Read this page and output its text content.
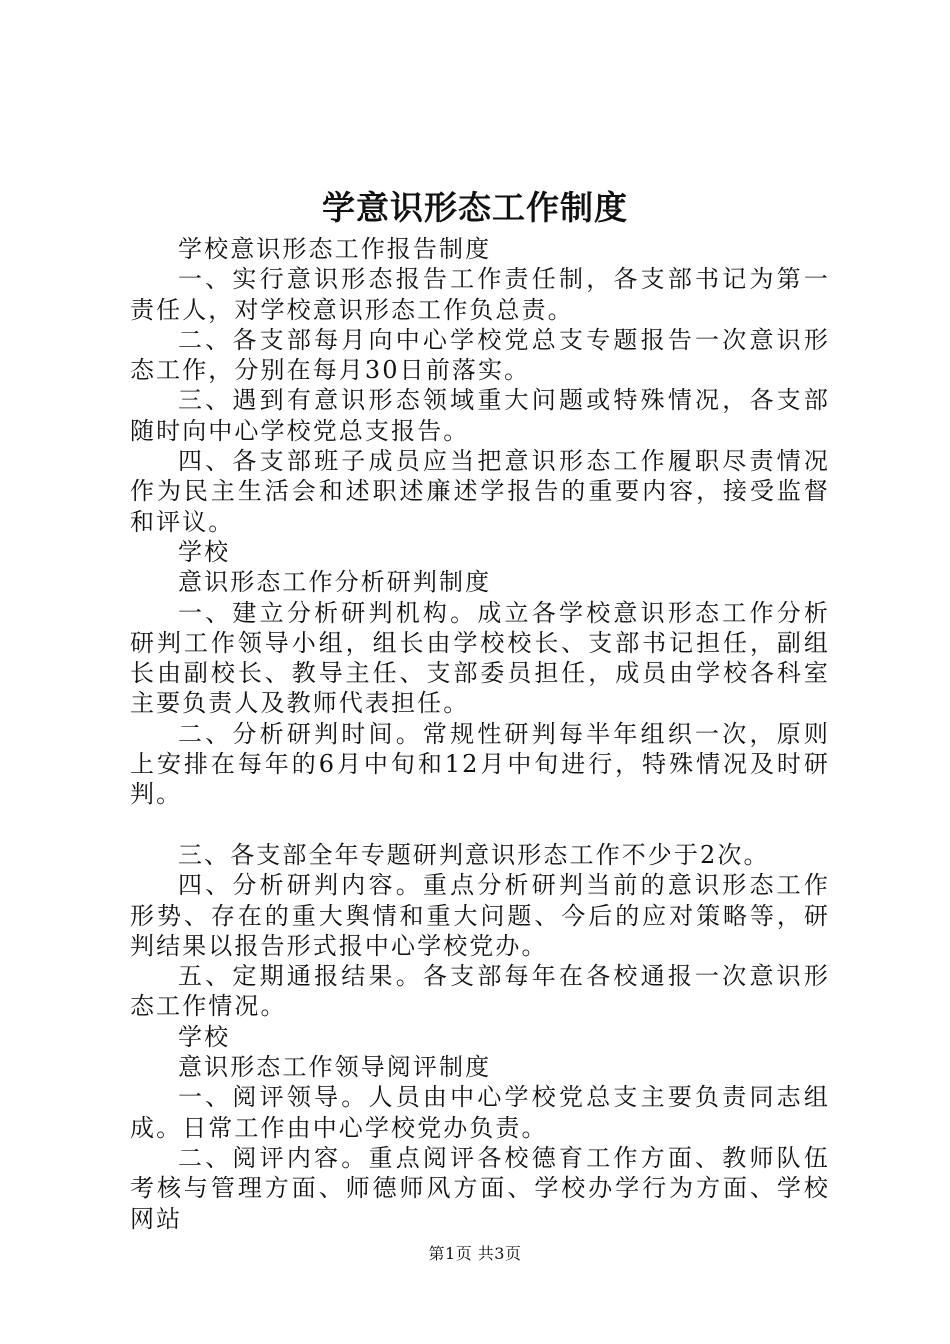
学意识形态工作制度

学校意识形态工作报告制度

一、实行意识形态报告工作责任制，各支部书记为第一责任人，对学校意识形态工作负总责。

二、各支部每月向中心学校党总支专题报告一次意识形态工作，分别在每月30日前落实。

三、遇到有意识形态领域重大问题或特殊情况，各支部随时向中心学校党总支报告。

四、各支部班子成员应当把意识形态工作履职尽责情况作为民主生活会和述职述廉述学报告的重要内容，接受监督和评议。

学校

意识形态工作分析研判制度

一、建立分析研判机构。成立各学校意识形态工作分析研判工作领导小组，组长由学校校长、支部书记担任，副组长由副校长、教导主任、支部委员担任，成员由学校各科室主要负责人及教师代表担任。

二、分析研判时间。常规性研判每半年组织一次，原则上安排在每年的6月中旬和12月中旬进行，特殊情况及时研判。

三、各支部全年专题研判意识形态工作不少于2次。

四、分析研判内容。重点分析研判当前的意识形态工作形势、存在的重大舆情和重大问题、今后的应对策略等，研判结果以报告形式报中心学校党办。

五、定期通报结果。各支部每年在各校通报一次意识形态工作情况。

学校

意识形态工作领导阅评制度

一、阅评领导。人员由中心学校党总支主要负责同志组成。日常工作由中心学校党办负责。

二、阅评内容。重点阅评各校德育工作方面、教师队伍考核与管理方面、师德师风方面、学校办学行为方面、学校网站

第1页 共3页
